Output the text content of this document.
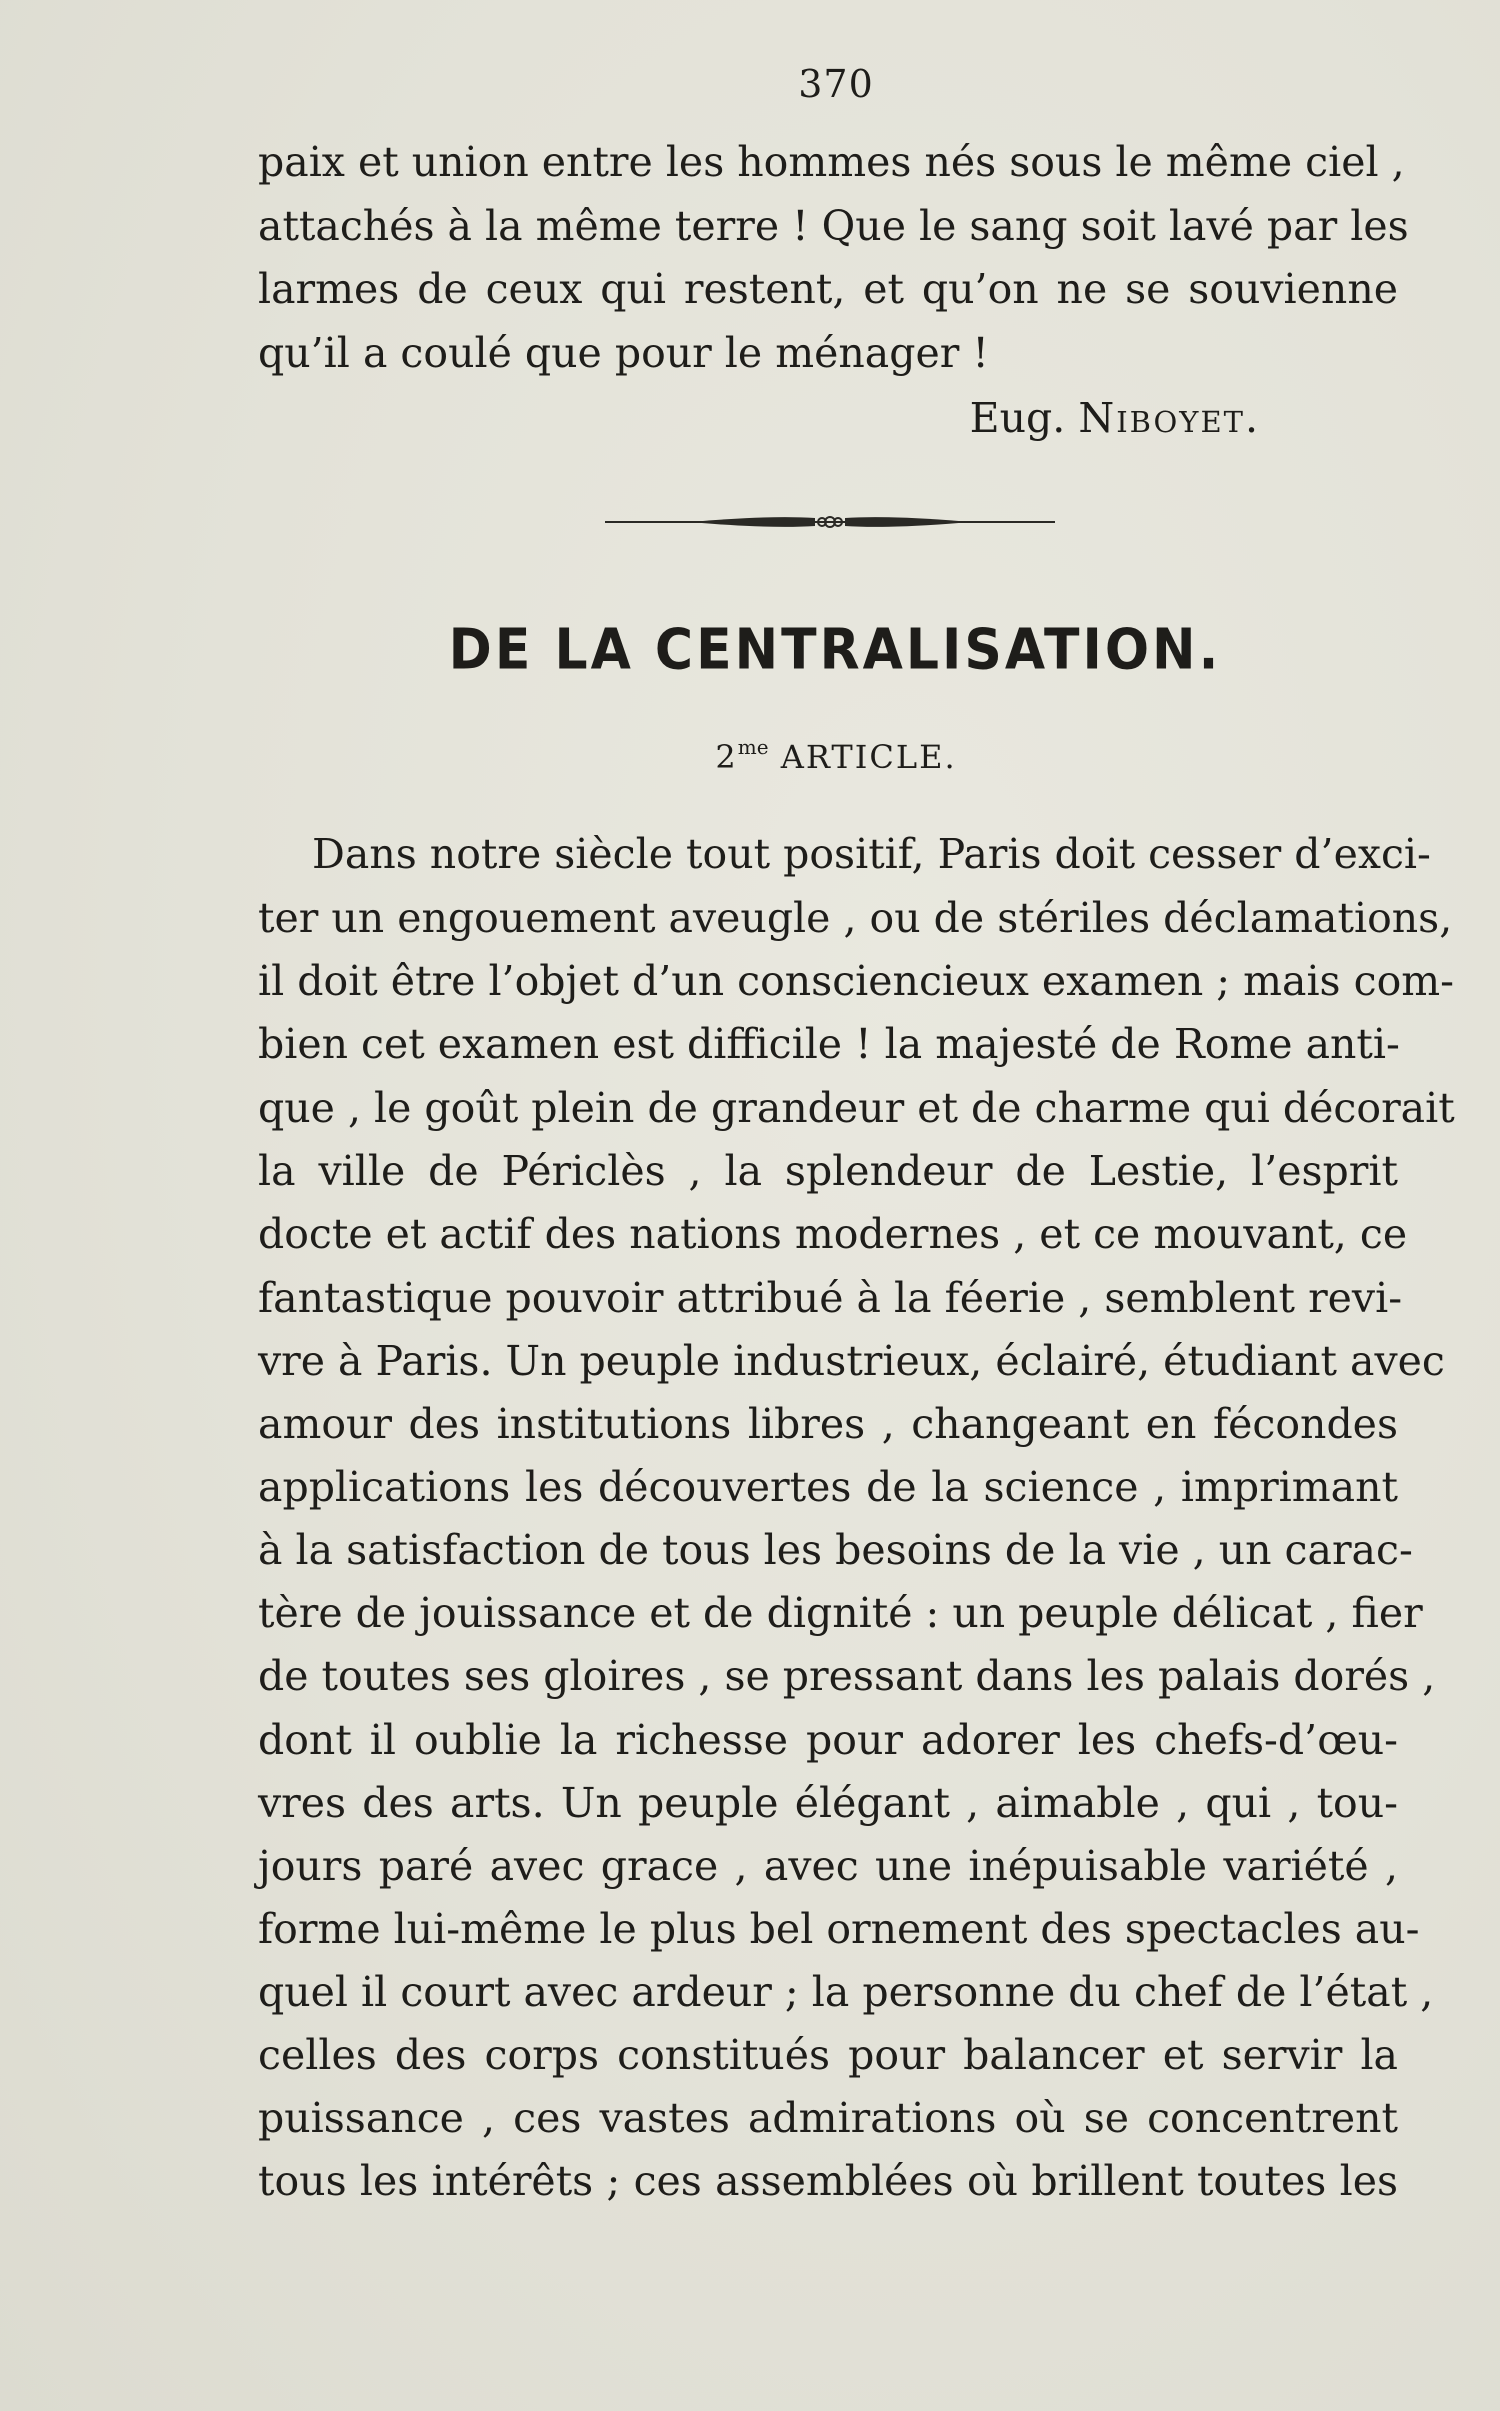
370
paix et union entre les hommes nés sous le même ciel ,
attachés à la même terre ! Que le sang soit lavé par les
larmes de ceux qui restent, et qu’on ne se souvienne
qu’il a coulé que pour le ménager !
Eug. Niboyet.
DE LA CENTRALISATION.
$2^{me}$ ARTICLE.
Dans notre siècle tout positif, Paris doit cesser d’exci-
ter un engouement aveugle , ou de stériles déclamations,
il doit être l’objet d’un consciencieux examen ; mais com-
bien cet examen est difficile ! la majesté de Rome anti-
que , le goût plein de grandeur et de charme qui décorait
la ville de Périclès , la splendeur de Lestie, l’esprit
docte et actif des nations modernes , et ce mouvant, ce
fantastique pouvoir attribué à la féerie , semblent revi-
vre à Paris. Un peuple industrieux, éclairé, étudiant avec
amour des institutions libres , changeant en fécondes
applications les découvertes de la science , imprimant
à la satisfaction de tous les besoins de la vie , un carac-
tère de jouissance et de dignité : un peuple délicat , fier
de toutes ses gloires , se pressant dans les palais dorés ,
dont il oublie la richesse pour adorer les chefs-d’œu-
vres des arts. Un peuple élégant , aimable , qui , tou-
jours paré avec grace , avec une inépuisable variété ,
forme lui-même le plus bel ornement des spectacles au-
quel il court avec ardeur ; la personne du chef de l’état ,
celles des corps constitués pour balancer et servir la
puissance , ces vastes admirations où se concentrent
tous les intérêts ; ces assemblées où brillent toutes les
